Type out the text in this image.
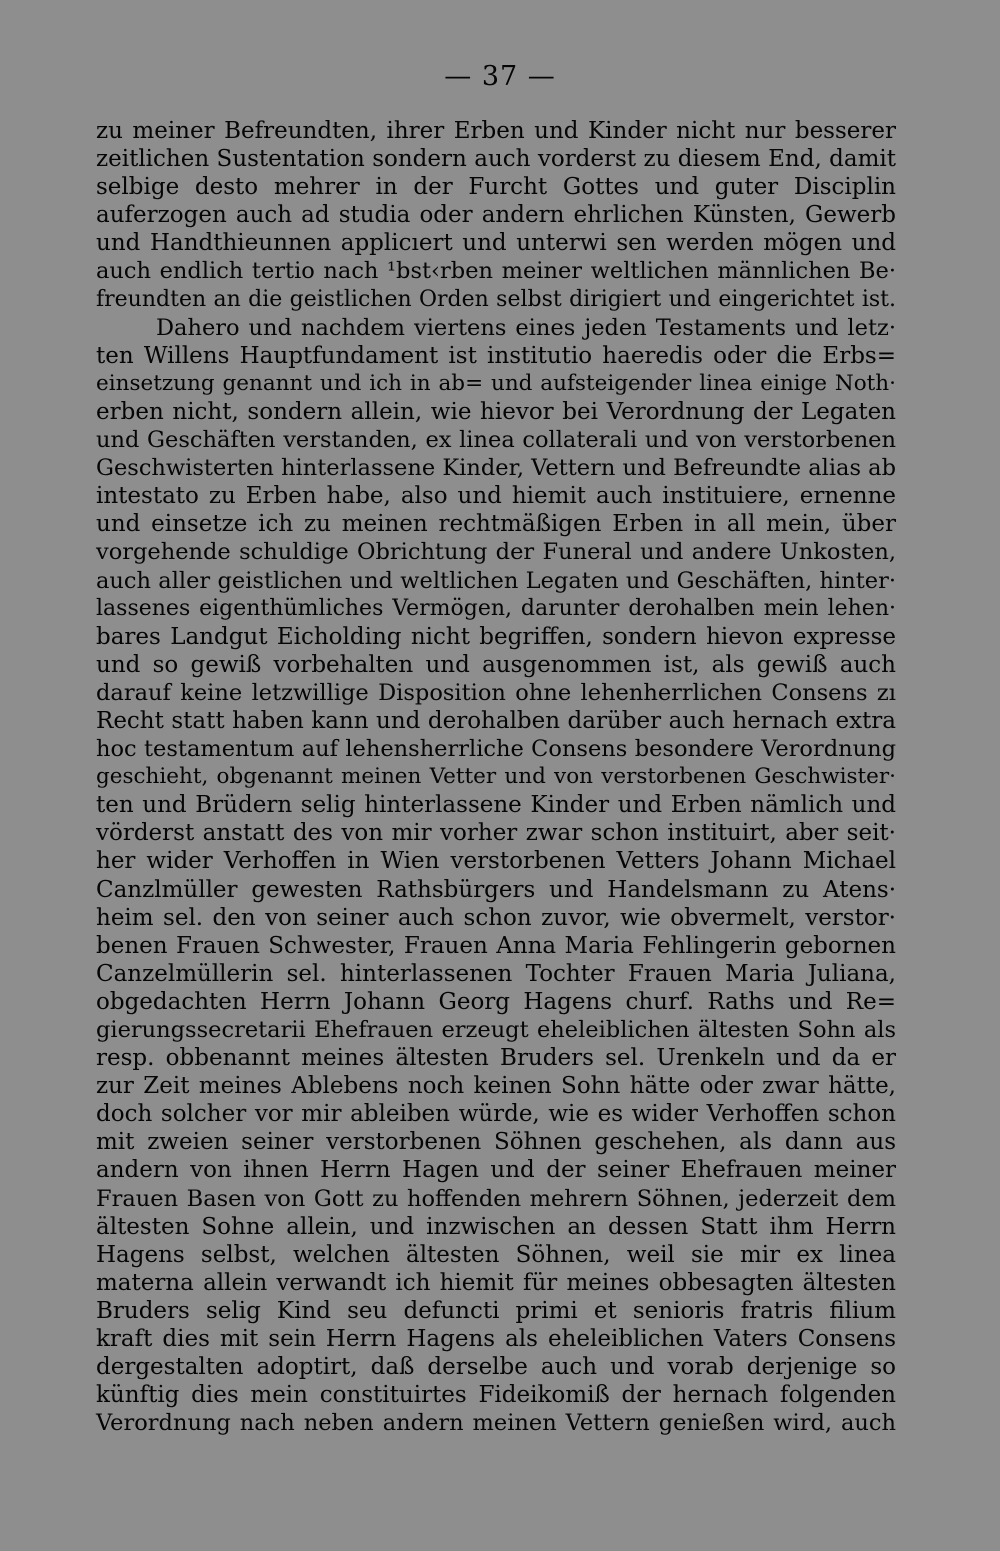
— 37 —
zu meiner Befreundten, ihrer Erben und Kinder nicht nur besserer
zeitlichen Sustentation sondern auch vorderst zu diesem End, damit
selbige desto mehrer in der Furcht Gottes und guter Disciplin
auferzogen auch ad studia oder andern ehrlichen Künsten, Gewerb
und Handthieunnen applicıert und unterwi sen werden mögen und
auch endlich tertio nach ¹bst‹rben meiner weltlichen männlichen Be·
freundten an die geistlichen Orden selbst dirigiert und eingerichtet ist.
Dahero und nachdem viertens eines jeden Testaments und letz·
ten Willens Hauptfundament ist institutio haeredis oder die Erbs=
einsetzung genannt und ich in ab= und aufsteigender linea einige Noth·
erben nicht, sondern allein, wie hievor bei Verordnung der Legaten
und Geschäften verstanden, ex linea collaterali und von verstorbenen
Geschwisterten hinterlassene Kinder, Vettern und Befreundte alias ab
intestato zu Erben habe, also und hiemit auch instituiere, ernenne
und einsetze ich zu meinen rechtmäßigen Erben in all mein, über
vorgehende schuldige Obrichtung der Funeral und andere Unkosten,
auch aller geistlichen und weltlichen Legaten und Geschäften, hinter·
lassenes eigenthümliches Vermögen, darunter derohalben mein lehen·
bares Landgut Eicholding nicht begriffen, sondern hievon expresse
und so gewiß vorbehalten und ausgenommen ist, als gewiß auch
darauf keine letzwillige Disposition ohne lehenherrlichen Consens zı
Recht statt haben kann und derohalben darüber auch hernach extra
hoc testamentum auf lehensherrliche Consens besondere Verordnung
geschieht, obgenannt meinen Vetter und von verstorbenen Geschwister·
ten und Brüdern selig hinterlassene Kinder und Erben nämlich und
vörderst anstatt des von mir vorher zwar schon instituirt, aber seit·
her wider Verhoffen in Wien verstorbenen Vetters Johann Michael
Canzlmüller gewesten Rathsbürgers und Handelsmann zu Atens·
heim sel. den von seiner auch schon zuvor, wie obvermelt, verstor·
benen Frauen Schwester, Frauen Anna Maria Fehlingerin gebornen
Canzelmüllerin sel. hinterlassenen Tochter Frauen Maria Juliana,
obgedachten Herrn Johann Georg Hagens churf. Raths und Re=
gierungssecretarii Ehefrauen erzeugt eheleiblichen ältesten Sohn als
resp. obbenannt meines ältesten Bruders sel. Urenkeln und da er
zur Zeit meines Ablebens noch keinen Sohn hätte oder zwar hätte,
doch solcher vor mir ableiben würde, wie es wider Verhoffen schon
mit zweien seiner verstorbenen Söhnen geschehen, als dann aus
andern von ihnen Herrn Hagen und der seiner Ehefrauen meiner
Frauen Basen von Gott zu hoffenden mehrern Söhnen, jederzeit dem
ältesten Sohne allein, und inzwischen an dessen Statt ihm Herrn
Hagens selbst, welchen ältesten Söhnen, weil sie mir ex linea
materna allein verwandt ich hiemit für meines obbesagten ältesten
Bruders selig Kind seu defuncti primi et senioris fratris filium
kraft dies mit sein Herrn Hagens als eheleiblichen Vaters Consens
dergestalten adoptirt, daß derselbe auch und vorab derjenige so
künftig dies mein constituirtes Fideikomiß der hernach folgenden
Verordnung nach neben andern meinen Vettern genießen wird, auch
